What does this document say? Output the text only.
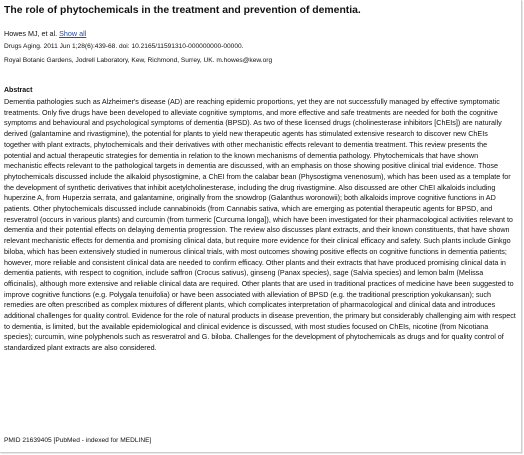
The role of phytochemicals in the treatment and prevention of dementia.
Howes MJ, et al. Show all
Drugs Aging. 2011 Jun 1;28(6):439-68. doi: 10.2165/11591310-000000000-00000.
Royal Botanic Gardens, Jodrell Laboratory, Kew, Richmond, Surrey, UK. m.howes@kew.org
Abstract

Dementia pathologies such as Alzheimer's disease (AD) are reaching epidemic proportions, yet they are not successfully managed by effective symptomatic treatments. Only five drugs have been developed to alleviate cognitive symptoms, and more effective and safe treatments are needed for both the cognitive symptoms and behavioural and psychological symptoms of dementia (BPSD). As two of these licensed drugs (cholinesterase inhibitors [ChEIs]) are naturally derived (galantamine and rivastigmine), the potential for plants to yield new therapeutic agents has stimulated extensive research to discover new ChEIs together with plant extracts, phytochemicals and their derivatives with other mechanistic effects relevant to dementia treatment. This review presents the potential and actual therapeutic strategies for dementia in relation to the known mechanisms of dementia pathology. Phytochemicals that have shown mechanistic effects relevant to the pathological targets in dementia are discussed, with an emphasis on those showing positive clinical trial evidence. Those phytochemicals discussed include the alkaloid physostigmine, a ChEI from the calabar bean (Physostigma venenosum), which has been used as a template for the development of synthetic derivatives that inhibit acetylcholinesterase, including the drug rivastigmine. Also discussed are other ChEI alkaloids including huperzine A, from Huperzia serrata, and galantamine, originally from the snowdrop (Galanthus woronowii); both alkaloids improve cognitive functions in AD patients. Other phytochemicals discussed include cannabinoids (from Cannabis sativa, which are emerging as potential therapeutic agents for BPSD, and resveratrol (occurs in various plants) and curcumin (from turmeric [Curcuma longa]), which have been investigated for their pharmacological activities relevant to dementia and their potential effects on delaying dementia progression. The review also discusses plant extracts, and their known constituents, that have shown relevant mechanistic effects for dementia and promising clinical data, but require more evidence for their clinical efficacy and safety. Such plants include Ginkgo biloba, which has been extensively studied in numerous clinical trials, with most outcomes showing positive effects on cognitive functions in dementia patients; however, more reliable and consistent clinical data are needed to confirm efficacy. Other plants and their extracts that have produced promising clinical data in dementia patients, with respect to cognition, include saffron (Crocus sativus), ginseng (Panax species), sage (Salvia species) and lemon balm (Melissa officinalis), although more extensive and reliable clinical data are required. Other plants that are used in traditional practices of medicine have been suggested to improve cognitive functions (e.g. Polygala tenuifolia) or have been associated with alleviation of BPSD (e.g. the traditional prescription yokukansan); such remedies are often prescribed as complex mixtures of different plants, which complicates interpretation of pharmacological and clinical data and introduces additional challenges for quality control. Evidence for the role of natural products in disease prevention, the primary but considerably challenging aim with respect to dementia, is limited, but the available epidemiological and clinical evidence is discussed, with most studies focused on ChEIs, nicotine (from Nicotiana species); curcumin, wine polyphenols such as resveratrol and G. biloba. Challenges for the development of phytochemicals as drugs and for quality control of standardized plant extracts are also considered.

PMID 21639405 [PubMed - indexed for MEDLINE]
